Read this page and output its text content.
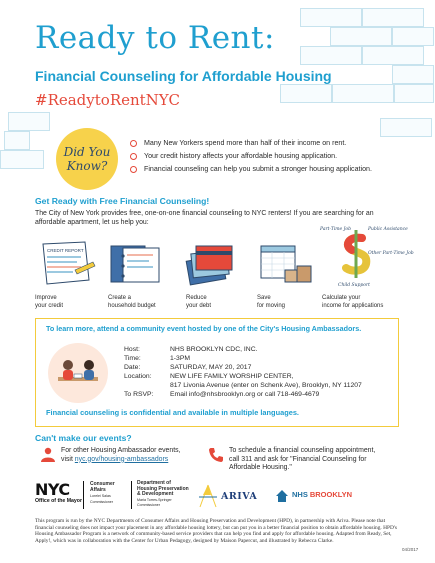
Ready to Rent:
Financial Counseling for Affordable Housing
#ReadytoRentNYC
Did You
Know?
Many New Yorkers spend more than half of their income on rent.
Your credit history affects your affordable housing application.
Financial counseling can help you submit a stronger housing application.
Get Ready with Free Financial Counseling!
The City of New York provides free, one-on-one financial counseling to NYC renters! If you are searching for an affordable apartment, let us help you:
CREDIT REPORT
Part-Time Job	Public Assistance
Other Part-Time Job
Child Support
Improve
your credit
Create a
household budget
Reduce
your debt
Save
for moving
Calculate your
income for applications
To learn more, attend a community event hosted by one of the City's Housing Ambassadors.
Host:	NHS BROOKLYN CDC, INC.
Time:	1-3PM
Date:	SATURDAY, MAY 20, 2017
Location:	NEW LIFE FAMILY WORSHIP CENTER,
817 Livonia Avenue (enter on Schenk Ave), Brooklyn, NY 11207
To RSVP: Email info@nhsbrooklyn.org or call 718-469-4679
Financial counseling is confidential and available in multiple languages.
Can't make our events?
For other Housing Ambassador events,
visit nyc.gov/housing-ambassadors
To schedule a financial counseling appointment,
call 311 and ask for "Financial Counseling for
Affordable Housing."
NYC
Office of the Mayor
Consumer
Affairs
Lorelei Salas
Commissioner
Department of
Housing Preservation
& Development
Maria Torres-Springer
Commissioner
ARIVA	NHS BROOKLYN
This program is run by the NYC Departments of Consumer Affairs and Housing Preservation and Development (HPD), in partnership with Ariva. Please note that financial counseling does not impact your placement in any affordable housing lottery, but can put you in a better financial position to obtain affordable housing. HPD's Housing Ambassador Program is a network of community-based service providers that can help you find and apply for affordable housing. Adapted from Ready, Set, Apply!, which was in collaboration with the Center for Urban Pedagogy, designed by Maison Papercut, and illustrated by Rebecca Clarke.
04/2017
